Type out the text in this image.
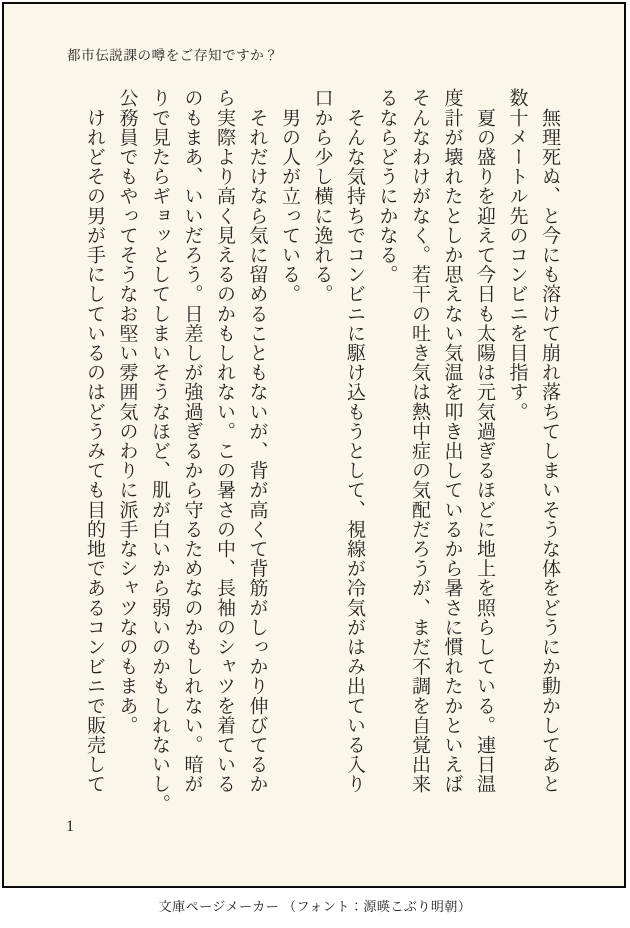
都市伝説課の噂をご存知ですか？
　無理死ぬ、と今にも溶けて崩れ落ちてしまいそうな体をどうにか動かしてあと
数十メートル先のコンビニを目指す。
　夏の盛りを迎えて今日も太陽は元気過ぎるほどに地上を照らしている。連日温
度計が壊れたとしか思えない気温を叩き出しているから暑さに慣れたかといえば
そんなわけがなく。若干の吐き気は熱中症の気配だろうが、まだ不調を自覚出来
るならどうにかなる。
　そんな気持ちでコンビニに駆け込もうとして、視線が冷気がはみ出ている入り
口から少し横に逸れる。
　男の人が立っている。
　それだけなら気に留めることもないが、背が高くて背筋がしっかり伸びてるか
ら実際より高く見えるのかもしれない。この暑さの中、長袖のシャツを着ている
のもまあ、いいだろう。日差しが強過ぎるから守るためなのかもしれない。暗が
りで見たらギョッとしてしまいそうなほど、肌が白いから弱いのかもしれないし。
公務員でもやってそうなお堅い雰囲気のわりに派手なシャツなのもまあ。
　けれどその男が手にしているのはどうみても目的地であるコンビニで販売して
1
文庫ページメーカー （フォント：源暎こぶり明朝）
